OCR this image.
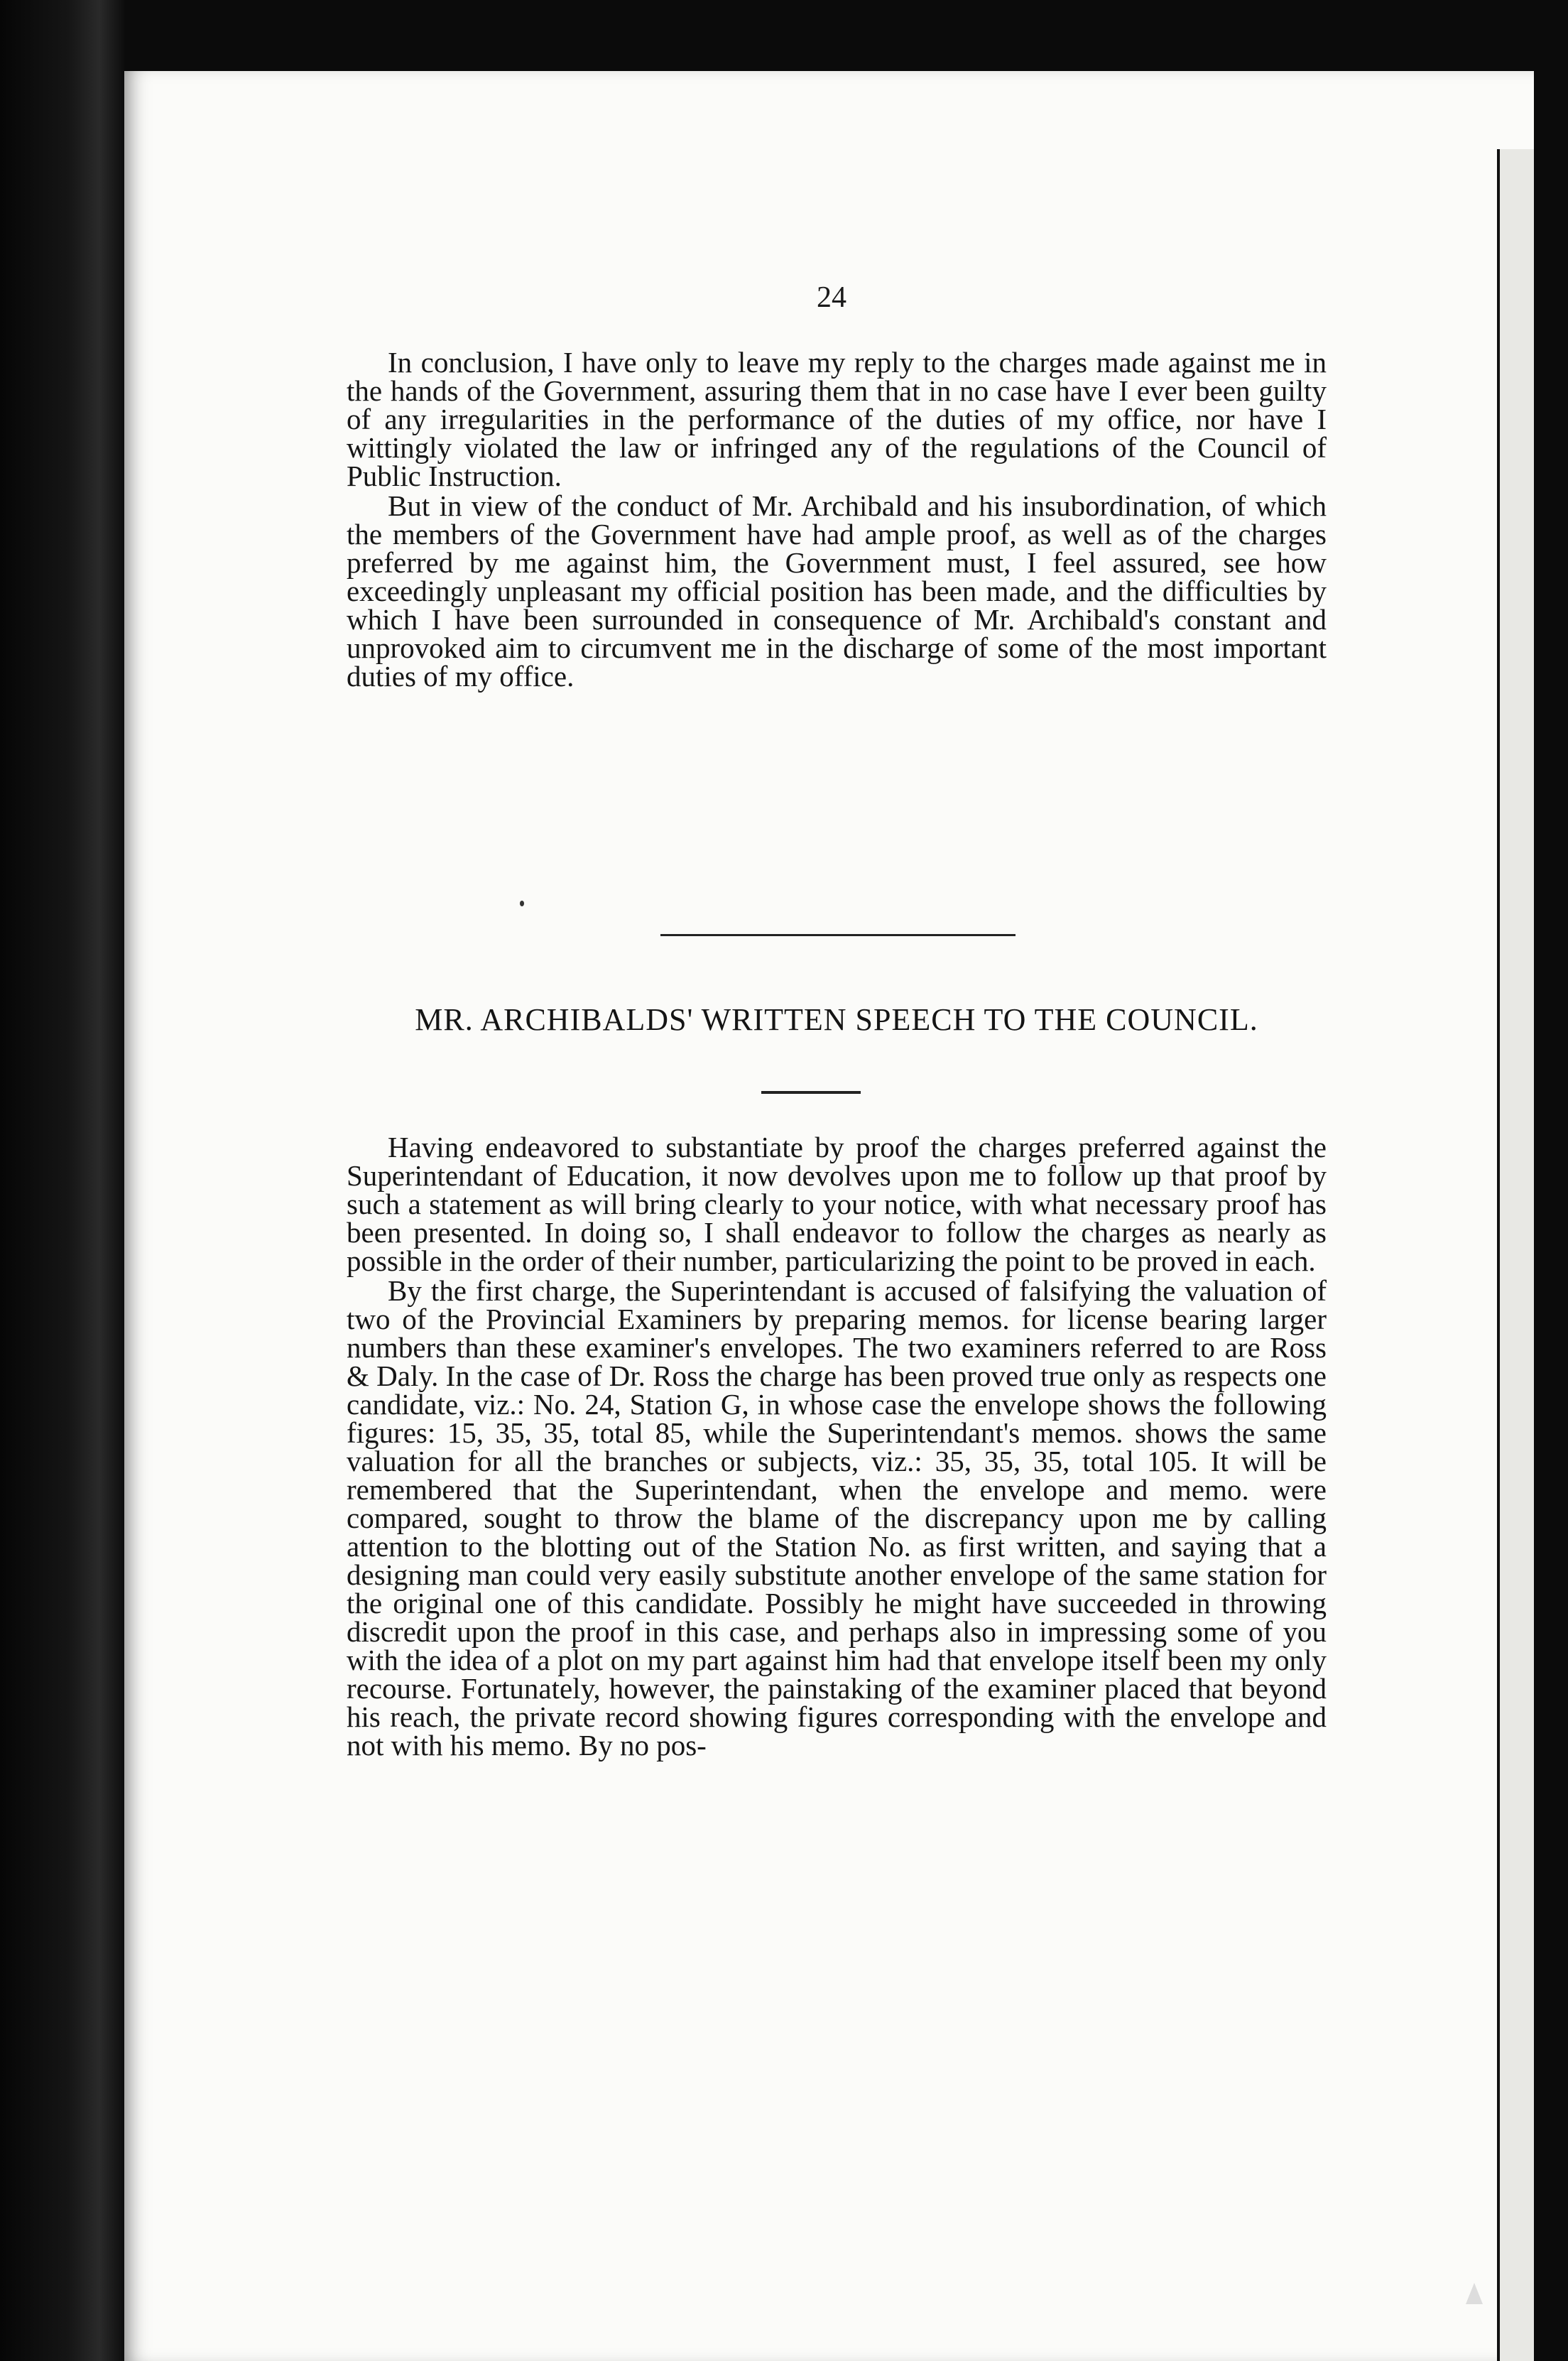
24

In conclusion, I have only to leave my reply to the charges made against me in the hands of the Government, assuring them that in no case have I ever been guilty of any irregularities in the performance of the duties of my office, nor have I wittingly violated the law or infringed any of the regulations of the Council of Public Instruction.

But in view of the conduct of Mr. Archibald and his insubordination, of which the members of the Government have had ample proof, as well as of the charges preferred by me against him, the Government must, I feel assured, see how exceedingly unpleasant my official position has been made, and the difficulties by which I have been surrounded in consequence of Mr. Archibald's constant and unprovoked aim to circumvent me in the discharge of some of the most important duties of my office.

MR. ARCHIBALDS' WRITTEN SPEECH TO THE COUNCIL.

Having endeavored to substantiate by proof the charges preferred against the Superintendant of Education, it now devolves upon me to follow up that proof by such a statement as will bring clearly to your notice, with what necessary proof has been presented. In doing so, I shall endeavor to follow the charges as nearly as possible in the order of their number, particularizing the point to be proved in each.

By the first charge, the Superintendant is accused of falsifying the valuation of two of the Provincial Examiners by preparing memos. for license bearing larger numbers than these examiner's envelopes. The two examiners referred to are Ross & Daly. In the case of Dr. Ross the charge has been proved true only as respects one candidate, viz.: No. 24, Station G, in whose case the envelope shows the following figures: 15, 35, 35, total 85, while the Superintendant's memos. shows the same valuation for all the branches or subjects, viz.: 35, 35, 35, total 105. It will be remembered that the Superintendant, when the envelope and memo. were compared, sought to throw the blame of the discrepancy upon me by calling attention to the blotting out of the Station No. as first written, and saying that a designing man could very easily substitute another envelope of the same station for the original one of this candidate. Possibly he might have succeeded in throwing discredit upon the proof in this case, and perhaps also in impressing some of you with the idea of a plot on my part against him had that envelope itself been my only recourse. Fortunately, however, the painstaking of the examiner placed that beyond his reach, the private record showing figures corresponding with the envelope and not with his memo. By no pos-
